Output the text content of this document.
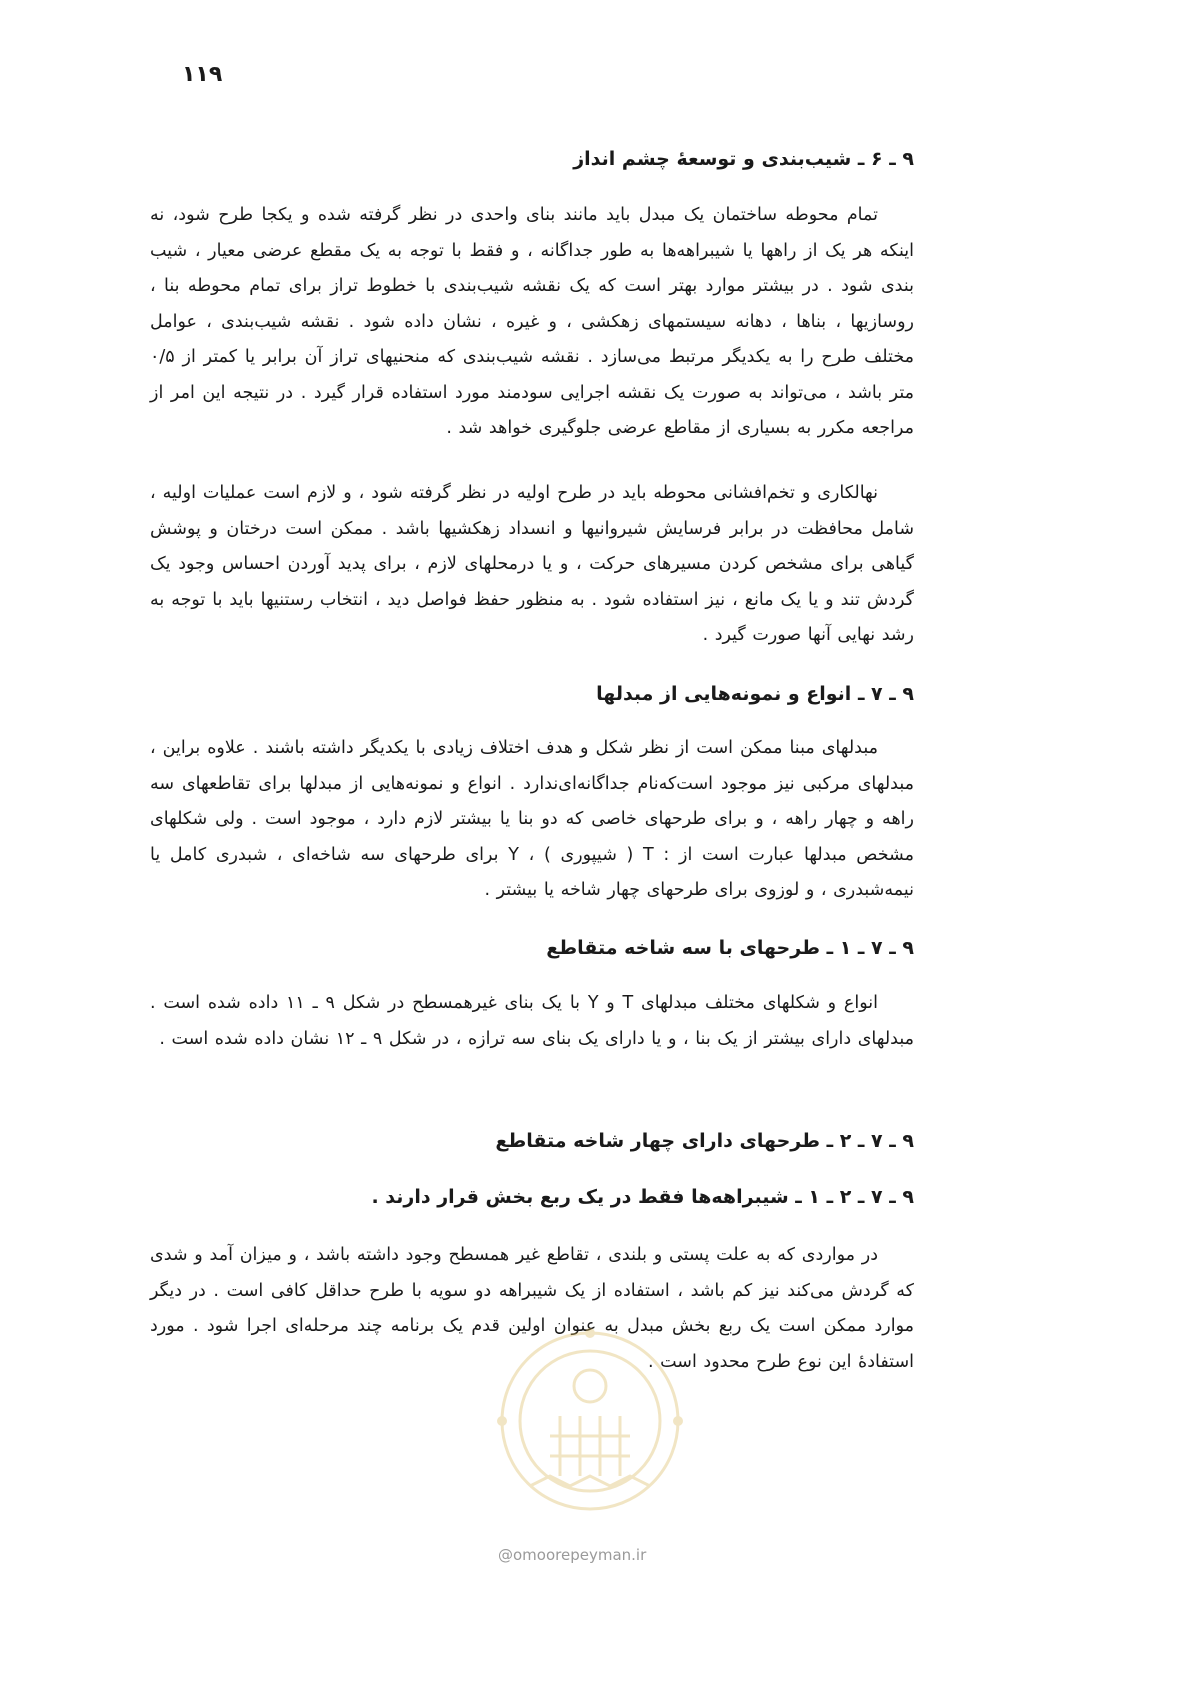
۱۱۹
۹ ـ ۶ ـ شیب‌بندی و توسعهٔ چشم انداز
تمام محوطه ساختمان یک مبدل باید مانند بنای واحدی در نظر گرفته شده و یکجا طرح شود، نه اینکه هر یک از راهها یا شیبراهه‌ها به طور جداگانه ، و فقط با توجه به یک مقطع عرضی معیار ، شیب بندی شود . در بیشتر موارد بهتر است که یک نقشه شیب‌بندی با خطوط تراز برای تمام محوطه بنا ، روسازیها ، بناها ، دهانه سیستمهای زهکشی ، و غیره ، نشان داده شود . نقشه شیب‌بندی ، عوامل مختلف طرح را به یکدیگر مرتبط می‌سازد . نقشه شیب‌بندی که منحنیهای تراز آن برابر یا کمتر از ۰/۵ متر باشد ، می‌تواند به صورت یک نقشه اجرایی سودمند مورد استفاده قرار گیرد . در نتیجه این امر از مراجعه مکرر به بسیاری از مقاطع عرضی جلوگیری خواهد شد .
نهالکاری و تخم‌افشانی محوطه باید در طرح اولیه در نظر گرفته شود ، و لازم است عملیات اولیه ، شامل محافظت در برابر فرسایش شیروانیها و انسداد زهکشیها باشد . ممکن است درختان و پوشش گیاهی برای مشخص کردن مسیرهای حرکت ، و یا درمحلهای لازم ، برای پدید آوردن احساس وجود یک گردش تند و یا یک مانع ، نیز استفاده شود . به منظور حفظ فواصل دید ، انتخاب رستنیها باید با توجه به رشد نهایی آنها صورت گیرد .
۹ ـ ۷ ـ انواع و نمونه‌هایی از مبدلها
مبدلهای مبنا ممکن است از نظر شکل و هدف اختلاف زیادی با یکدیگر داشته باشند . علاوه براین ، مبدلهای مرکبی نیز موجود است‌که‌نام جداگانه‌ای‌ندارد . انواع و نمونه‌هایی از مبدلها برای تقاطعهای سه راهه و چهار راهه ، و برای طرحهای خاصی که دو بنا یا بیشتر لازم دارد ، موجود است . ولی شکلهای مشخص مبدلها عبارت است از : T ( شیپوری ) ، Y برای طرحهای سه شاخه‌ای ، شبدری کامل یا نیمه‌شبدری ، و لوزوی برای طرحهای چهار شاخه یا بیشتر .
۹ ـ ۷ ـ ۱ ـ طرحهای با سه شاخه متقاطع
انواع و شکلهای مختلف مبدلهای T و Y با یک بنای غیرهمسطح در شکل ۹ ـ ۱۱ داده شده است . مبدلهای دارای بیشتر از یک بنا ، و یا دارای یک بنای سه ترازه ، در شکل ۹ ـ ۱۲ نشان داده شده است .
۹ ـ ۷ ـ ۲ ـ طرحهای دارای چهار شاخه متقاطع
۹ ـ ۷ ـ ۲ ـ ۱ ـ شیبراهه‌ها فقط در یک ربع بخش قرار دارند .
در مواردی که به علت پستی و بلندی ، تقاطع غیر همسطح وجود داشته باشد ، و میزان آمد و شدی که گردش می‌کند نیز کم باشد ، استفاده از یک شیبراهه دو سویه با طرح حداقل کافی است . در دیگر موارد ممکن است یک ربع بخش مبدل به عنوان اولین قدم یک برنامه چند مرحله‌ای اجرا شود . مورد استفادهٔ این نوع طرح محدود است .
@omoorepeyman.ir
